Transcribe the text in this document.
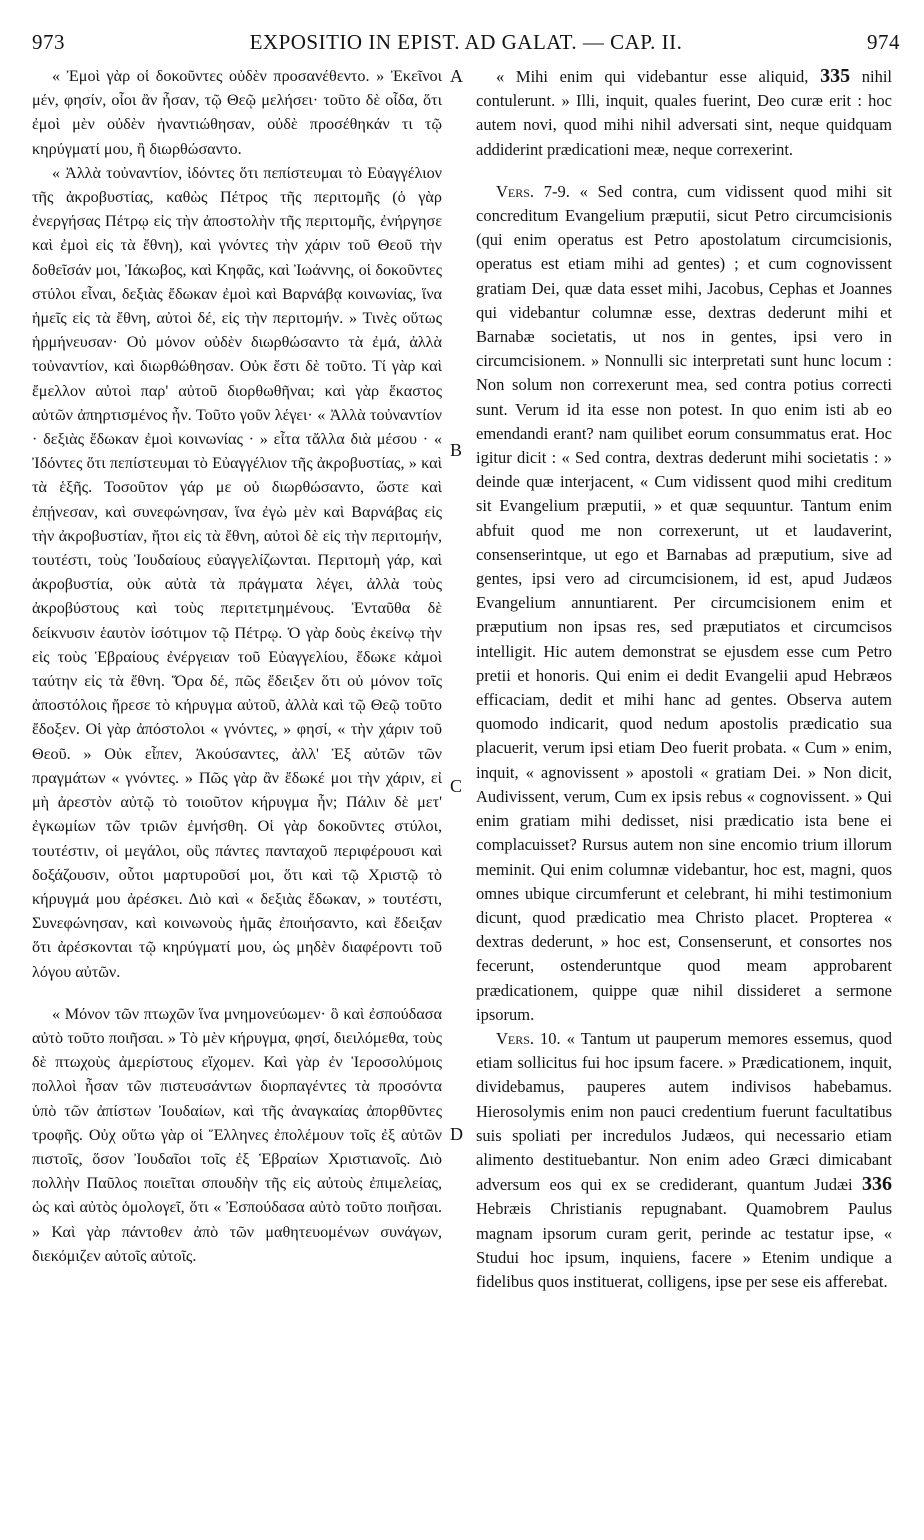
973	EXPOSITIO IN EPIST. AD GALAT. — CAP. II.	974

« Ἐμοὶ γὰρ οἱ δοκοῦντες οὐδὲν προσανέθεντο. » Ἐκεῖνοι μέν, φησίν, οἷοι ἂν ἦσαν, τῷ Θεῷ μελήσει· τοῦτο δὲ οἶδα, ὅτι ἐμοὶ μὲν οὐδὲν ἠναντιώθησαν, οὐδὲ προσέθηκάν τι τῷ κηρύγματί μου, ἢ διωρθώσαντο.

« Ἀλλὰ τοὐναντίον, ἰδόντες ὅτι πεπίστευμαι τὸ Εὐαγγέλιον τῆς ἀκροβυστίας, καθὼς Πέτρος τῆς περιτομῆς (ὁ γὰρ ἐνεργήσας Πέτρῳ εἰς τὴν ἀποστολὴν τῆς περιτομῆς, ἐνήργησε καὶ ἐμοὶ εἰς τὰ ἔθνη), καὶ γνόντες τὴν χάριν τοῦ Θεοῦ τὴν δοθεῖσάν μοι, Ἰάκωβος, καὶ Κηφᾶς, καὶ Ἰωάννης, οἱ δοκοῦντες στύλοι εἶναι, δεξιὰς ἔδωκαν ἐμοὶ καὶ Βαρνάβᾳ κοινωνίας, ἵνα ἡμεῖς εἰς τὰ ἔθνη, αὐτοὶ δέ, εἰς τὴν περιτομήν. » Τινὲς οὕτως ἡρμήνευσαν· Οὐ μόνον οὐδὲν διωρθώσαντο τὰ ἐμά, ἀλλὰ τοὐναντίον, καὶ διωρθώθησαν. Οὐκ ἔστι δὲ τοῦτο. Τί γὰρ καὶ ἔμελλον αὐτοὶ παρ' αὐτοῦ διορθωθῆναι; καὶ γὰρ ἕκαστος αὐτῶν ἀπηρτισμένος ἦν. Τοῦτο γοῦν λέγει· « Ἀλλὰ τοὐναντίον · δεξιὰς ἔδωκαν ἐμοὶ κοινωνίας · » εἶτα τἄλλα διὰ μέσου · « Ἰδόντες ὅτι πεπίστευμαι τὸ Εὐαγγέλιον τῆς ἀκροβυστίας, » καὶ τὰ ἑξῆς. Τοσοῦτον γάρ με οὐ διωρθώσαντο, ὥστε καὶ ἐπῄνεσαν, καὶ συνεφώνησαν, ἵνα ἐγὼ μὲν καὶ Βαρνάβας εἰς τὴν ἀκροβυστίαν, ἤτοι εἰς τὰ ἔθνη, αὐτοὶ δὲ εἰς τὴν περιτομήν, τουτέστι, τοὺς Ἰουδαίους εὐαγγελίζωνται. Περιτομὴ γάρ, καὶ ἀκροβυστία, οὐκ αὐτὰ τὰ πράγματα λέγει, ἀλλὰ τοὺς ἀκροβύστους καὶ τοὺς περιτετμημένους. Ἐνταῦθα δὲ δείκνυσιν ἑαυτὸν ἰσότιμον τῷ Πέτρῳ. Ὁ γὰρ δοὺς ἐκείνῳ τὴν εἰς τοὺς Ἑβραίους ἐνέργειαν τοῦ Εὐαγγελίου, ἔδωκε κἀμοὶ ταύτην εἰς τὰ ἔθνη. Ὅρα δέ, πῶς ἔδειξεν ὅτι οὐ μόνον τοῖς ἀποστόλοις ἤρεσε τὸ κήρυγμα αὐτοῦ, ἀλλὰ καὶ τῷ Θεῷ τοῦτο ἔδοξεν. Οἱ γὰρ ἀπόστολοι « γνόντες, » φησί, « τὴν χάριν τοῦ Θεοῦ. » Οὐκ εἶπεν, Ἀκούσαντες, ἀλλ' Ἐξ αὐτῶν τῶν πραγμάτων « γνόντες. » Πῶς γὰρ ἂν ἔδωκέ μοι τὴν χάριν, εἰ μὴ ἀρεστὸν αὐτῷ τὸ τοιοῦτον κήρυγμα ἦν; Πάλιν δὲ μετ' ἐγκωμίων τῶν τριῶν ἐμνήσθη. Οἱ γὰρ δοκοῦντες στύλοι, τουτέστιν, οἱ μεγάλοι, οὓς πάντες πανταχοῦ περιφέρουσι καὶ δοξάζουσιν, οὗτοι μαρτυροῦσί μοι, ὅτι καὶ τῷ Χριστῷ τὸ κήρυγμά μου ἀρέσκει. Διὸ καὶ « δεξιὰς ἔδωκαν, » τουτέστι, Συνεφώνησαν, καὶ κοινωνοὺς ἡμᾶς ἐποιήσαντο, καὶ ἔδειξαν ὅτι ἀρέσκονται τῷ κηρύγματί μου, ὡς μηδὲν διαφέροντι τοῦ λόγου αὐτῶν.

« Μόνον τῶν πτωχῶν ἵνα μνημονεύωμεν· ὃ καὶ ἐσπούδασα αὐτὸ τοῦτο ποιῆσαι. » Τὸ μὲν κήρυγμα, φησί, διειλόμεθα, τοὺς δὲ πτωχοὺς ἀμερίστους εἴχομεν. Καὶ γὰρ ἐν Ἱεροσολύμοις πολλοὶ ἦσαν τῶν πιστευσάντων διορπαγέντες τὰ προσόντα ὑπὸ τῶν ἀπίστων Ἰουδαίων, καὶ τῆς ἀναγκαίας ἀπορθῦντες τροφῆς. Οὐχ οὕτω γὰρ οἱ Ἕλληνες ἐπολέμουν τοῖς ἐξ αὐτῶν πιστοῖς, ὅσον Ἰουδαῖοι τοῖς ἐξ Ἑβραίων Χριστιανοῖς. Διὸ πολλὴν Παῦλος ποιεῖται σπουδὴν τῆς εἰς αὐτοὺς ἐπιμελείας, ὡς καὶ αὐτὸς ὁμολογεῖ, ὅτι « Ἐσπούδασα αὐτὸ τοῦτο ποιῆσαι. » Καὶ γὰρ πάντοθεν ἀπὸ τῶν μαθητευομένων συνάγων, διεκόμιζεν αὐτοῖς αὐτοῖς.

A
B
C
D

« Mihi enim qui videbantur esse aliquid, 335 nihil contulerunt. » Illi, inquit, quales fuerint, Deo curæ erit : hoc autem novi, quod mihi nihil adversati sint, neque quidquam addiderint prædicationi meæ, neque correxerint.

Vers. 7-9. « Sed contra, cum vidissent quod mihi sit concreditum Evangelium præputii, sicut Petro circumcisionis (qui enim operatus est Petro apostolatum circumcisionis, operatus est etiam mihi ad gentes) ; et cum cognovissent gratiam Dei, quæ data esset mihi, Jacobus, Cephas et Joannes qui videbantur columnæ esse, dextras dederunt mihi et Barnabæ societatis, ut nos in gentes, ipsi vero in circumcisionem. » Nonnulli sic interpretati sunt hunc locum : Non solum non correxerunt mea, sed contra potius correcti sunt. Verum id ita esse non potest. In quo enim isti ab eo emendandi erant? nam quilibet eorum consummatus erat. Hoc igitur dicit : « Sed contra, dextras dederunt mihi societatis : » deinde quæ interjacent, « Cum vidissent quod mihi creditum sit Evangelium præputii, » et quæ sequuntur. Tantum enim abfuit quod me non correxerunt, ut et laudaverint, consenserintque, ut ego et Barnabas ad præputium, sive ad gentes, ipsi vero ad circumcisionem, id est, apud Judæos Evangelium annuntiarent. Per circumcisionem enim et præputium non ipsas res, sed præputiatos et circumcisos intelligit. Hic autem demonstrat se ejusdem esse cum Petro pretii et honoris. Qui enim ei dedit Evangelii apud Hebræos efficaciam, dedit et mihi hanc ad gentes. Observa autem quomodo indicarit, quod nedum apostolis prædicatio sua placuerit, verum ipsi etiam Deo fuerit probata. « Cum » enim, inquit, « agnovissent » apostoli « gratiam Dei. » Non dicit, Audivissent, verum, Cum ex ipsis rebus « cognovissent. » Qui enim gratiam mihi dedisset, nisi prædicatio ista bene ei complacuisset? Rursus autem non sine encomio trium illorum meminit. Qui enim columnæ videbantur, hoc est, magni, quos omnes ubique circumferunt et celebrant, hi mihi testimonium dicunt, quod prædicatio mea Christo placet. Propterea « dextras dederunt, » hoc est, Consenserunt, et consortes nos fecerunt, ostenderuntque quod meam approbarent prædicationem, quippe quæ nihil dissideret a sermone ipsorum.

Vers. 10. « Tantum ut pauperum memores essemus, quod etiam sollicitus fui hoc ipsum facere. » Prædicationem, inquit, dividebamus, pauperes autem indivisos habebamus. Hierosolymis enim non pauci credentium fuerunt facultatibus suis spoliati per incredulos Judæos, qui necessario etiam alimento destituebantur. Non enim adeo Græci dimicabant adversum eos qui ex se crediderant, quantum Judæi 336 Hebræis Christianis repugnabant. Quamobrem Paulus magnam ipsorum curam gerit, perinde ac testatur ipse, « Studui hoc ipsum, inquiens, facere » Etenim undique a fidelibus quos instituerat, colligens, ipse per sese eis afferebat.
